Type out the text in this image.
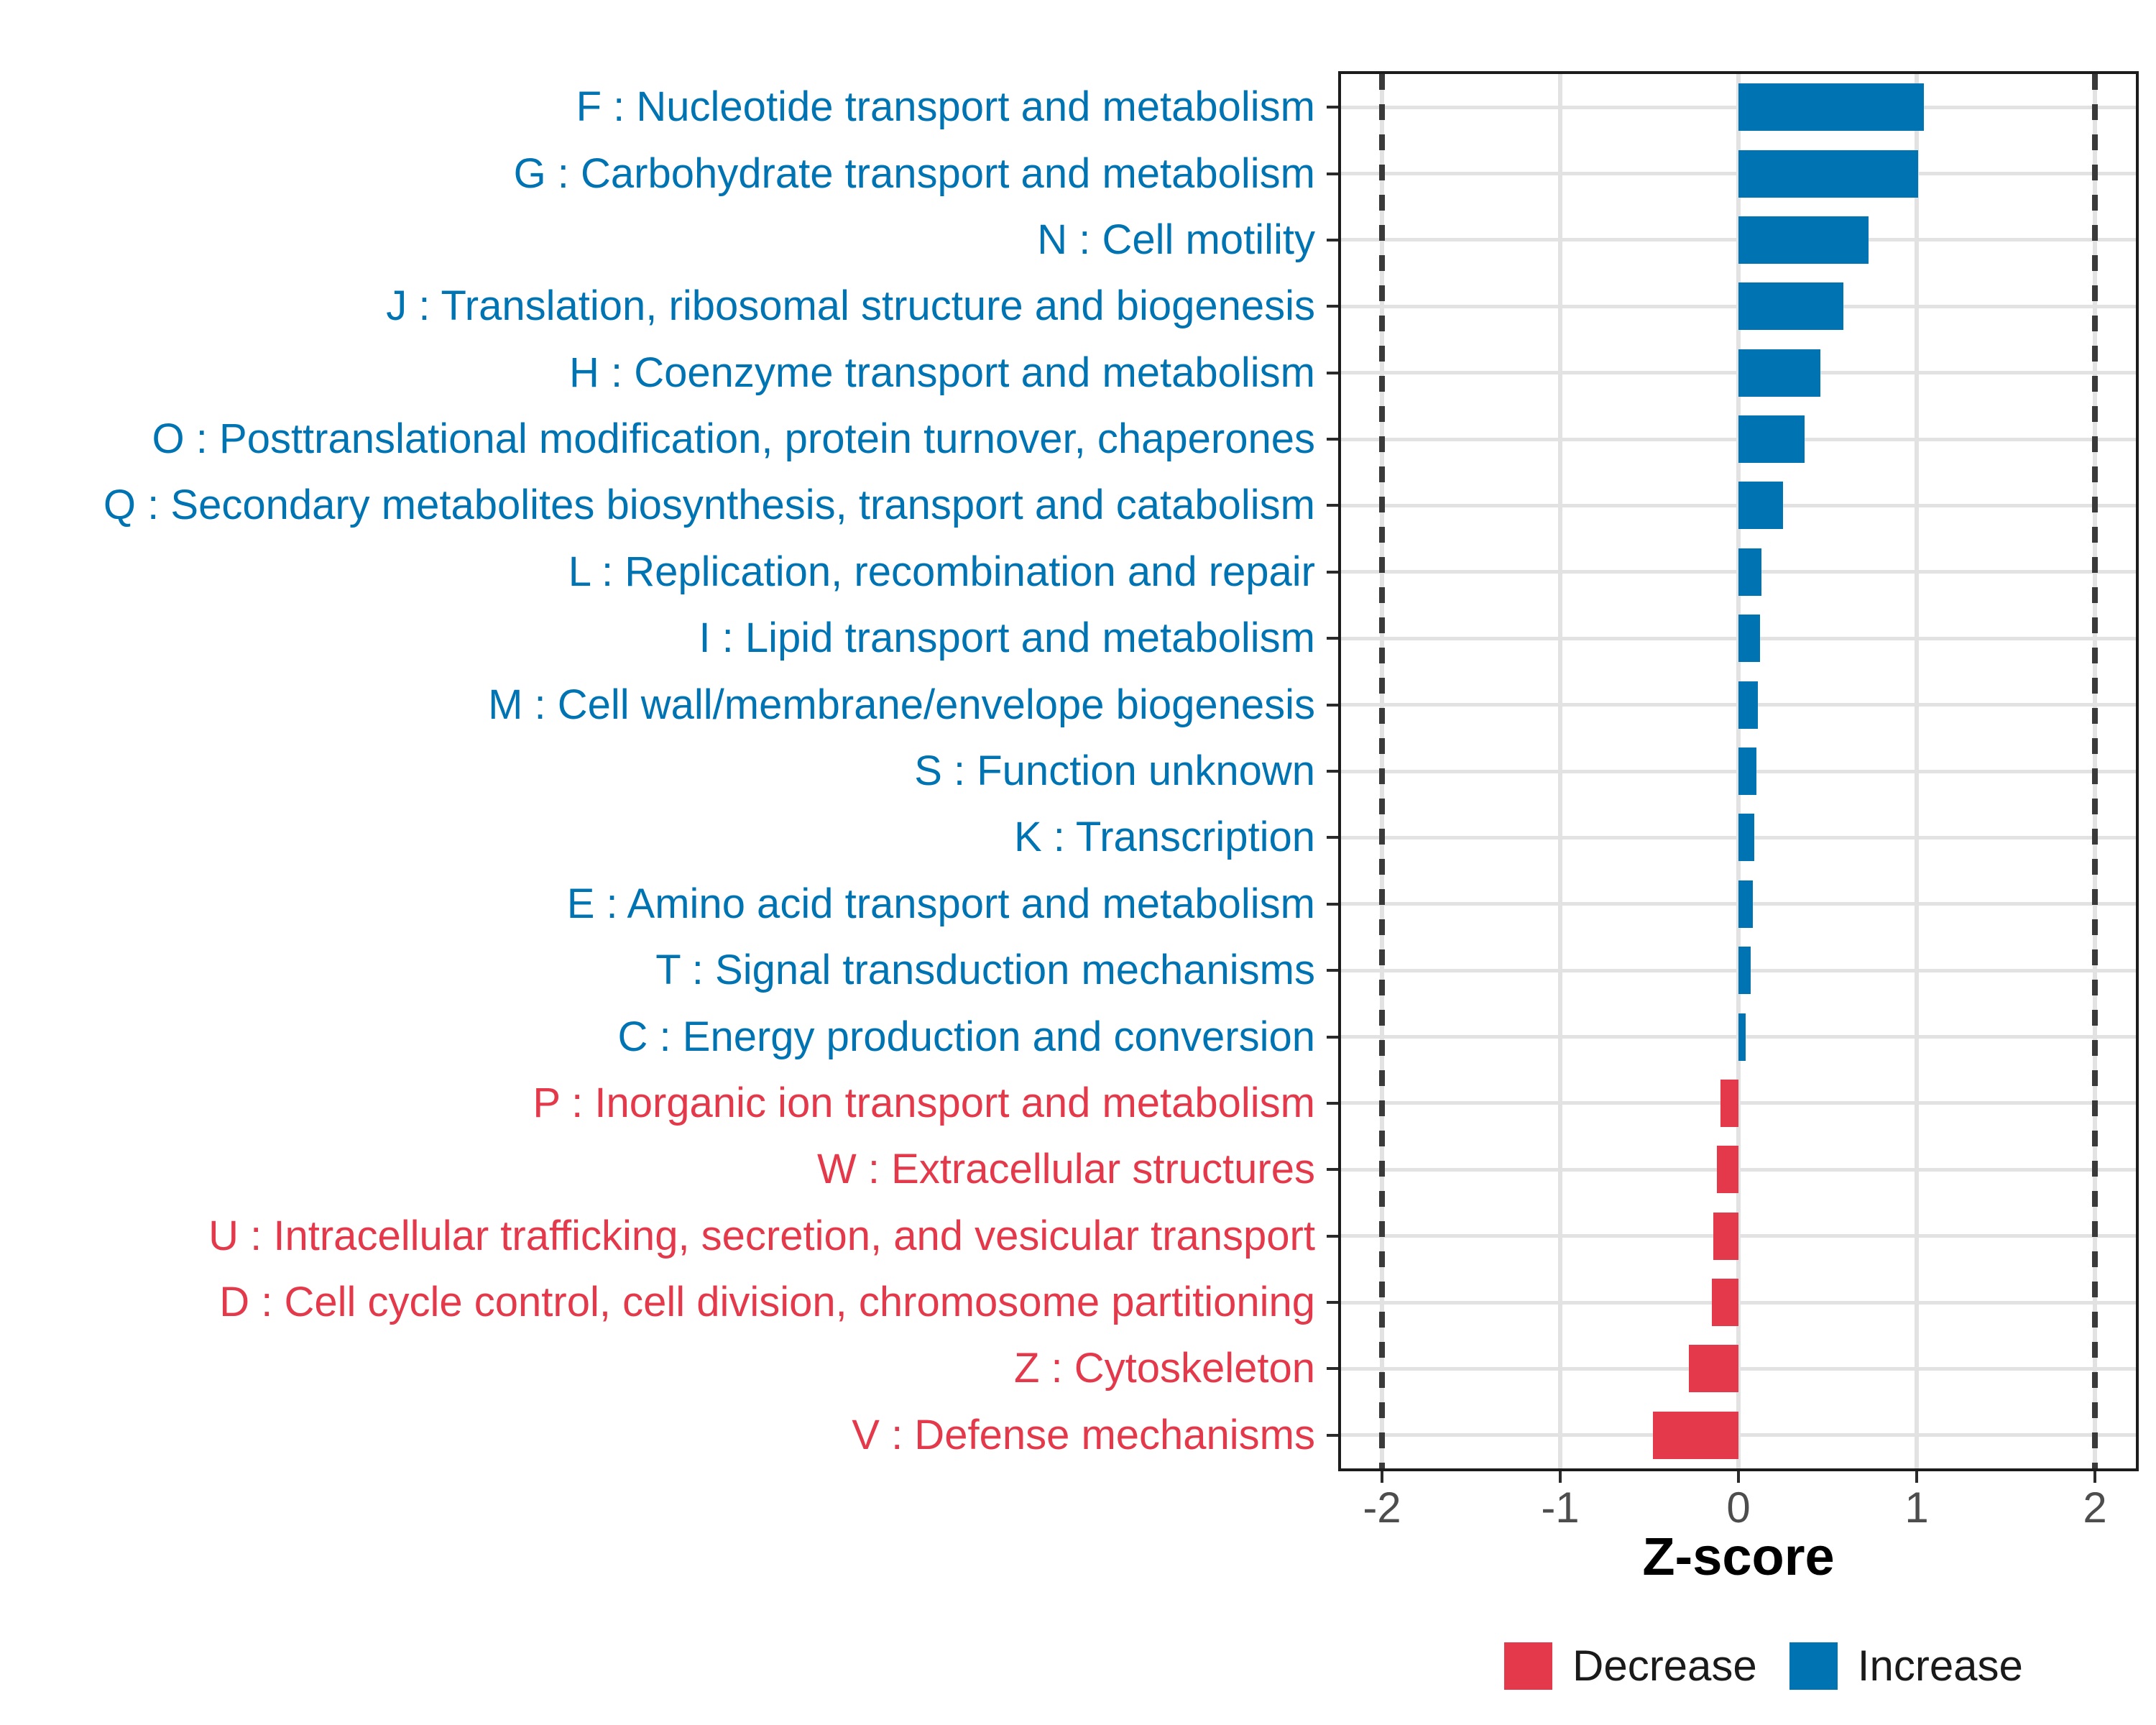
Z-score
Decrease Increase
-2	-1	0	1	2
F : Nucleotide transport and metabolism
G : Carbohydrate transport and metabolism
N : Cell motility
J : Translation, ribosomal structure and biogenesis
H : Coenzyme transport and metabolism
O : Posttranslational modification, protein turnover, chaperones
Q : Secondary metabolites biosynthesis, transport and catabolism
L : Replication, recombination and repair
I : Lipid transport and metabolism
M : Cell wall/membrane/envelope biogenesis
S : Function unknown
K : Transcription
E : Amino acid transport and metabolism
T : Signal transduction mechanisms
C : Energy production and conversion
P : Inorganic ion transport and metabolism
W : Extracellular structures
U : Intracellular trafficking, secretion, and vesicular transport
D : Cell cycle control, cell division, chromosome partitioning
Z : Cytoskeleton
V : Defense mechanisms
